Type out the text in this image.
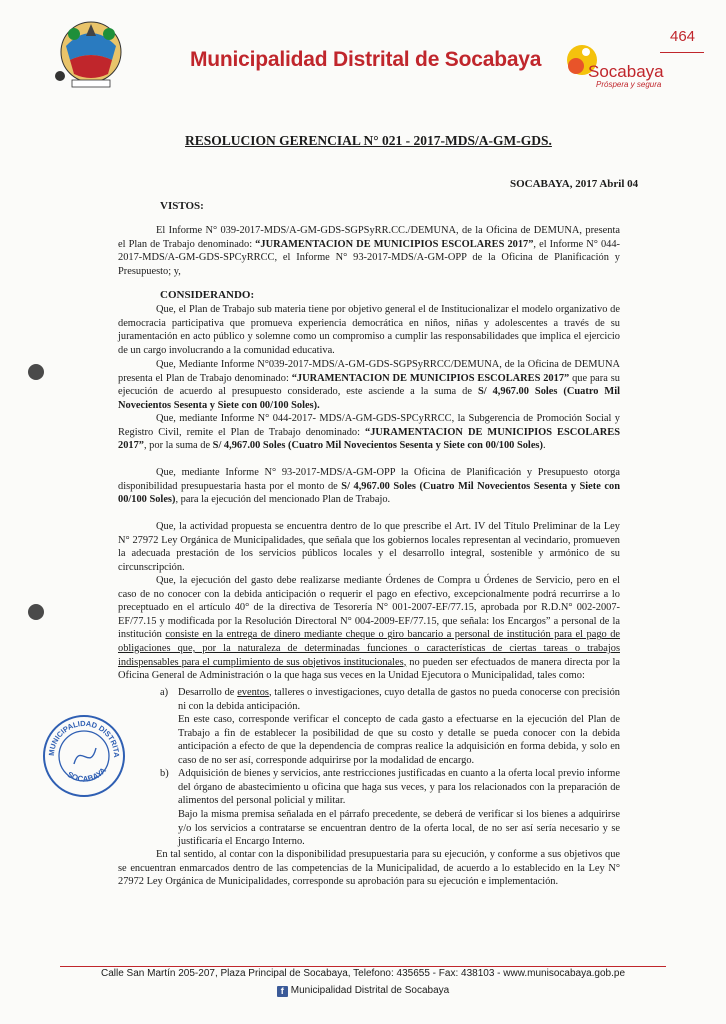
Municipalidad Distrital de Socabaya
Socabaya
Próspera y segura
464
RESOLUCION GERENCIAL N° 021 - 2017-MDS/A-GM-GDS.
SOCABAYA, 2017 Abril 04
VISTOS:

El Informe N° 039-2017-MDS/A-GM-GDS-SGPSyRR.CC./DEMUNA, de la Oficina de DEMUNA, presenta el Plan de Trabajo denominado: “JURAMENTACION DE MUNICIPIOS ESCOLARES 2017”, el Informe N° 044-2017-MDS/A-GM-GDS-SPCyRRCC, el Informe N° 93-2017-MDS/A-GM-OPP de la Oficina de Planificación y Presupuesto; y,

CONSIDERANDO:

Que, el Plan de Trabajo sub materia tiene por objetivo general el de Institucionalizar el modelo organizativo de democracia participativa que promueva experiencia democrática en niños, niñas y adolescentes a través de su juramentación en acto público y solemne como un compromiso a cumplir las responsabilidades que implica el ejercicio de un cargo involucrando a la comunidad educativa.

Que, Mediante Informe N°039-2017-MDS/A-GM-GDS-SGPSyRRCC/DEMUNA, de la Oficina de DEMUNA presenta el Plan de Trabajo denominado: “JURAMENTACION DE MUNICIPIOS ESCOLARES 2017” que para su ejecución de acuerdo al presupuesto considerado, este asciende a la suma de S/ 4,967.00 Soles (Cuatro Mil Novecientos Sesenta y Siete con 00/100 Soles).

Que, mediante Informe N° 044-2017- MDS/A-GM-GDS-SPCyRRCC, la Subgerencia de Promoción Social y Registro Civil, remite el Plan de Trabajo denominado: “JURAMENTACION DE MUNICIPIOS ESCOLARES 2017”, por la suma de S/ 4,967.00 Soles (Cuatro Mil Novecientos Sesenta y Siete con 00/100 Soles).

Que, mediante Informe N° 93-2017-MDS/A-GM-OPP la Oficina de Planificación y Presupuesto otorga disponibilidad presupuestaria hasta por el monto de S/ 4,967.00 Soles (Cuatro Mil Novecientos Sesenta y Siete con 00/100 Soles), para la ejecución del mencionado Plan de Trabajo.

Que, la actividad propuesta se encuentra dentro de lo que prescribe el Art. IV del Título Preliminar de la Ley N° 27972 Ley Orgánica de Municipalidades, que señala que los gobiernos locales representan al vecindario, promueven la adecuada prestación de los servicios públicos locales y el desarrollo integral, sostenible y armónico de su circunscripción.

Que, la ejecución del gasto debe realizarse mediante Órdenes de Compra u Órdenes de Servicio, pero en el caso de no conocer con la debida anticipación o requerir el pago en efectivo, excepcionalmente podrá recurrirse a lo preceptuado en el artículo 40° de la directiva de Tesorería N° 001-2007-EF/77.15, aprobada por R.D.N° 002-2007-EF/77.15 y modificada por la Resolución Directoral N° 004-2009-EF/77.15, que señala: los Encargos” a personal de la institución consiste en la entrega de dinero mediante cheque o giro bancario a personal de institución para el pago de obligaciones que, por la naturaleza de determinadas funciones o características de ciertas tareas o trabajos indispensables para el cumplimiento de sus objetivos institucionales, no pueden ser efectuados de manera directa por la Oficina General de Administración o la que haga sus veces en la Unidad Ejecutora o Municipalidad, tales como:

a) Desarrollo de eventos, talleres o investigaciones, cuyo detalla de gastos no pueda conocerse con precisión ni con la debida anticipación.

En este caso, corresponde verificar el concepto de cada gasto a efectuarse en la ejecución del Plan de Trabajo a fin de establecer la posibilidad de que su costo y detalle se pueda conocer con la debida anticipación a efecto de que la dependencia de compras realice la adquisición en forma debida, y solo en caso de no ser así, corresponde adquirirse por la modalidad de encargo.

b) Adquisición de bienes y servicios, ante restricciones justificadas en cuanto a la oferta local previo informe del órgano de abastecimiento u oficina que haga sus veces, y para los relacionados con la preparación de alimentos del personal policial y militar.

Bajo la misma premisa señalada en el párrafo precedente, se deberá de verificar si los bienes a adquirirse y/o los servicios a contratarse se encuentran dentro de la oferta local, de no ser así sería necesario y se justificaría el Encargo Interno.

En tal sentido, al contar con la disponibilidad presupuestaria para su ejecución, y conforme a sus objetivos que se encuentran enmarcados dentro de las competencias de la Municipalidad, de acuerdo a lo establecido en la Ley N° 27972 Ley Orgánica de Municipalidades, corresponde su aprobación para su ejecución e implementación.

MUNICIPALIDAD DISTRITA
SOCABAYA
Calle San Martín 205-207, Plaza Principal de Socabaya, Telefono: 435655 - Fax: 438103 - www.munisocabaya.gob.pe
f Municipalidad Distrital de Socabaya
